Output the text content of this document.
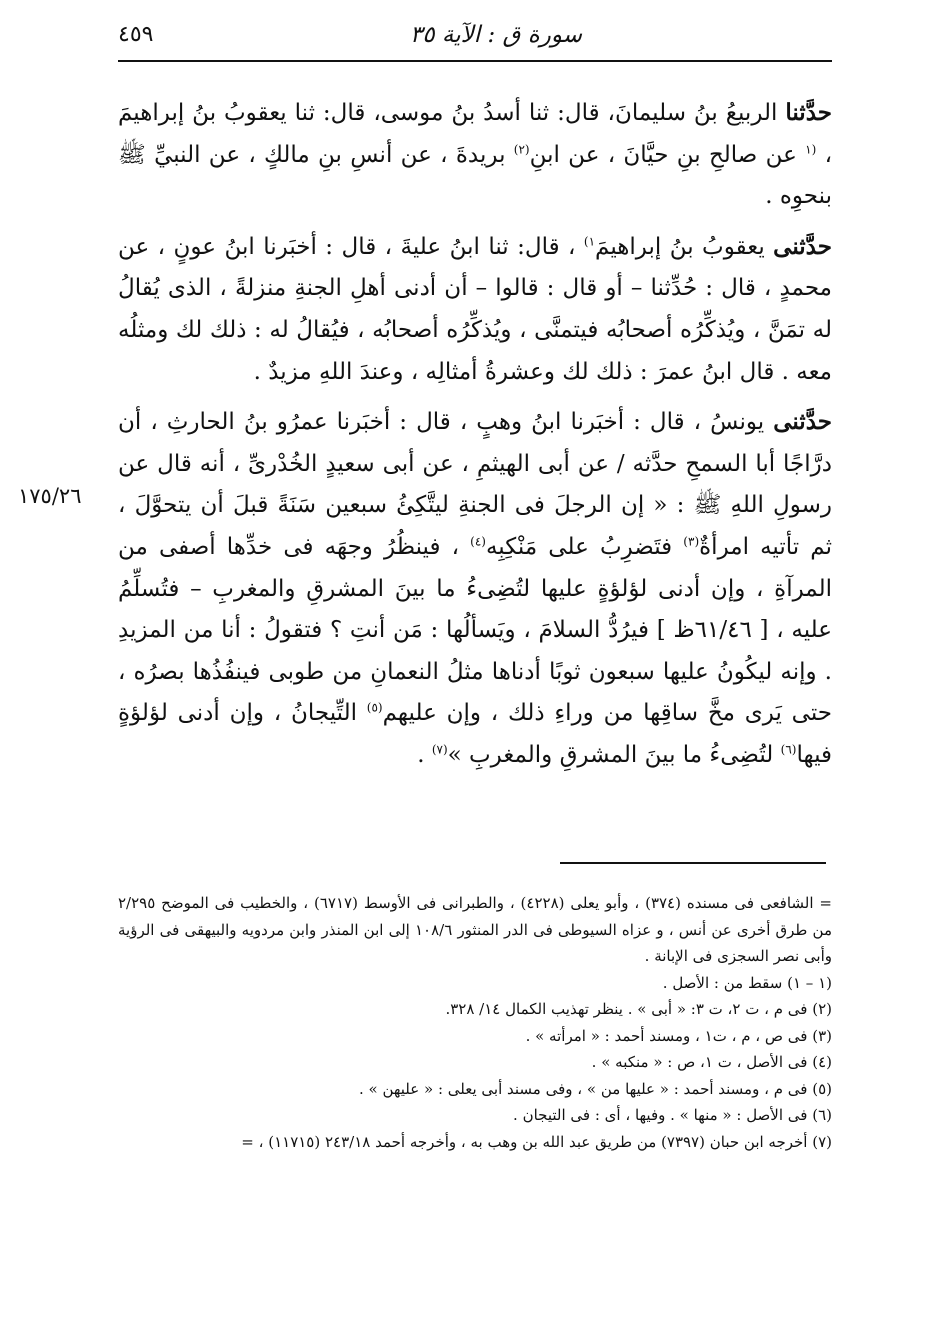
سورة ق : الآية ٣٥
٤٥٩
١٧٥/٢٦

حدَّثنا الربيعُ بنُ سليمانَ، قال: ثنا أسدُ بنُ موسى، قال: ثنا يعقوبُ بنُ إبراهيمَ ، $^{(١}$ عن صالحِ بنِ حيَّانَ ، عن ابنِ$^{(٢)}$ بريدةَ ، عن أنسِ بنِ مالكٍ ، عن النبيِّ ﷺ بنحوِه .

حدَّثنى يعقوبُ بنُ إبراهيمَ$^{١)}$ ، قال: ثنا ابنُ عليةَ ، قال : أخبَرنا ابنُ عونٍ ، عن محمدٍ ، قال : حُدِّثنا – أو قال : قالوا – أن أدنى أهلِ الجنةِ منزلةً ، الذى يُقالُ له تمَنَّ ، ويُذكِّرُه أصحابُه فيتمنَّى ، ويُذكِّرُه أصحابُه ، فيُقالُ له : ذلك لك ومثلُه معه . قال ابنُ عمرَ : ذلك لك وعشرةُ أمثالِه ، وعندَ اللهِ مزيدٌ .

حدَّثنى يونسُ ، قال : أخبَرنا ابنُ وهبٍ ، قال : أخبَرنا عمرُو بنُ الحارثِ ، أن درَّاجًا أبا السمحِ حدَّثه / عن أبى الهيثمِ ، عن أبى سعيدٍ الخُدْرىِّ ، أنه قال عن رسولِ اللهِ ﷺ : « إن الرجلَ فى الجنةِ ليتَّكِئُ سبعين سَنَةً قبلَ أن يتحوَّلَ ، ثم تأتيه امرأةٌ$^{(٣)}$ فتَضرِبُ على مَنْكِبِه$^{(٤)}$ ، فينظُرُ وجهَه فى خدِّها أصفى من المرآةِ ، وإن أدنى لؤلؤةٍ عليها لتُضِىءُ ما بينَ المشرقِ والمغربِ – فتُسلِّمُ عليه ، [ ٦١/٤٦ظ ] فيرُدُّ السلامَ ، ويَسألُها : مَن أنتِ ؟ فتقولُ : أنا من المزيدِ . وإنه ليكُونُ عليها سبعون ثوبًا أدناها مثلُ النعمانِ من طوبى فينفُذُها بصرُه ، حتى يَرى مخَّ ساقِها من وراءِ ذلك ، وإن عليهم$^{(٥)}$ التِّيجانُ ، وإن أدنى لؤلؤةٍ فيها$^{(٦)}$ لتُضِىءُ ما بينَ المشرقِ والمغربِ »$^{(٧)}$ .

= الشافعى فى مسنده (٣٧٤) ، وأبو يعلى (٤٢٢٨) ، والطبرانى فى الأوسط (٦٧١٧) ، والخطيب فى الموضح ٢/٢٩٥ من طرق أخرى عن أنس ، و عزاه السيوطى فى الدر المنثور ١٠٨/٦ إلى ابن المنذر وابن مردويه والبيهقى فى الرؤية وأبى نصر السجزى فى الإبانة .
(١ – ١) سقط من : الأصل .
(٢) فى م ، ت ٢، ت ٣: « أبى » . ينظر تهذيب الكمال ١٤/ ٣٢٨.
(٣) فى ص ، م ، ت١ ، ومسند أحمد : « امرأته » .
(٤) فى الأصل ، ت ١، ص : « منكبه » .
(٥) فى م ، ومسند أحمد : « عليها من » ، وفى مسند أبى يعلى : « عليهن » .
(٦) فى الأصل : « منها » . وفيها ، أى : فى التيجان .
(٧) أخرجه ابن حبان (٧٣٩٧) من طريق عبد الله بن وهب به ، وأخرجه أحمد ٢٤٣/١٨ (١١٧١٥) ، =
